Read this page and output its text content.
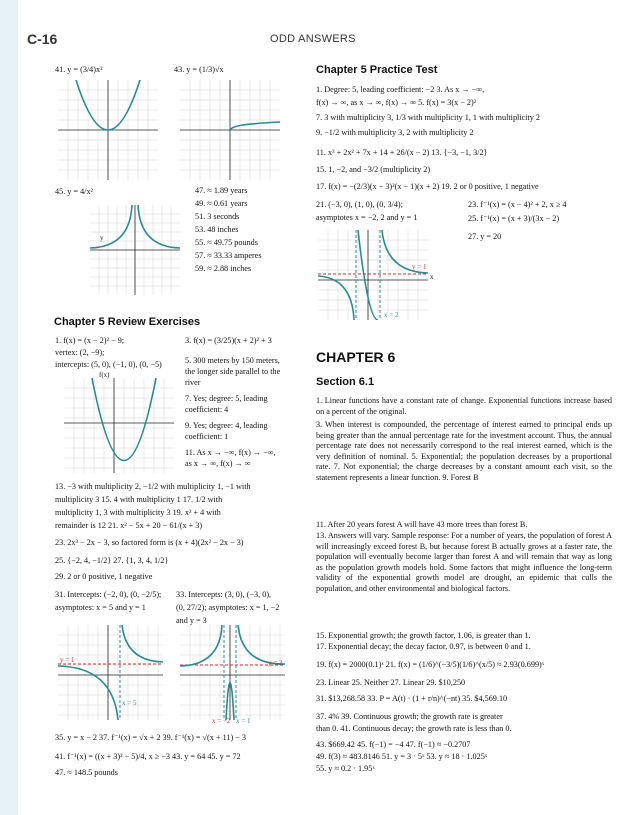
C-16	ODD ANSWERS
41. y = (3/4)x²	43. y = (1/3)√x
45. y = 4/x²	47. ≈ 1.89 years
49. ≈ 0.61 years
51. 3 seconds
53. 48 inches
55. ≈ 49.75 pounds
57. ≈ 33.33 amperes
59. ≈ 2.88 inches
Chapter 5 Review Exercises
1. f(x) = (x − 2)² − 9;
vertex: (2, −9);
intercepts: (5, 0), (−1, 0), (0, −5)
3. f(x) = (3/25)(x + 2)² + 3
5. 300 meters by 150 meters,
the longer side parallel to the
river
7. Yes; degree: 5, leading
coefficient: 4
9. Yes; degree: 4, leading
coefficient: 1
11. As x → −∞, f(x) → −∞,
as x → ∞, f(x) → ∞
13. −3 with multiplicity 2, −1/2 with multiplicity 1, −1 with
multiplicity 3 15. 4 with multiplicity 1 17. 1/2 with
multiplicity 1, 3 with multiplicity 3 19. x² + 4 with
remainder is 12 21. x² − 5x + 20 − 61/(x + 3)
23. 2x³ − 2x − 3, so factored form is (x + 4)(2x² − 2x − 3)
25. {−2, 4, −1/2} 27. {1, 3, 4, 1/2}
29. 2 or 0 positive, 1 negative
31. Intercepts: (−2, 0), (0, −2/5);
asymptotes: x = 5 and y = 1
33. Intercepts: (3, 0), (−3, 0),
(0, 27/2); asymptotes: x = 1, −2
and y = 3
35. y = x − 2 37. f⁻¹(x) = √x + 2 39. f⁻¹(x) = √(x + 11) − 3
41. f⁻¹(x) = ((x + 3)² − 5)/4, x ≥ −3 43. y = 64 45. y = 72
47. ≈ 148.5 pounds
Chapter 5 Practice Test
1. Degree: 5, leading coefficient: −2 3. As x → −∞,
f(x) → ∞, as x → ∞, f(x) → ∞ 5. f(x) = 3(x − 2)²
7. 3 with multiplicity 3, 1/3 with multiplicity 1, 1 with multiplicity 2
9. −1/2 with multiplicity 3, 2 with multiplicity 2
11. x³ + 2x² + 7x + 14 + 26/(x − 2) 13. {−3, −1, 3/2}
15. 1, −2, and −3/2 (multiplicity 2)
17. f(x) = −(2/3)(x − 3)²(x − 1)(x + 2) 19. 2 or 0 positive, 1 negative
21. (−3, 0), (1, 0), (0, 3/4);
asymptotes x = −2, 2 and y = 1
23. f⁻¹(x) = (x − 4)² + 2, x ≥ 4
25. f⁻¹(x) = (x + 3)/(3x − 2)
27. y = 20
CHAPTER 6
Section 6.1
1. Linear functions have a constant rate of change. Exponential functions increase based on a percent of the original.
3. When interest is compounded, the percentage of interest earned to principal ends up being greater than the annual percentage rate for the investment account. Thus, the annual percentage rate does not necessarily correspond to the real interest earned, which is the very definition of nominal. 5. Exponential; the population decreases by a proportional rate. 7. Not exponential; the charge decreases by a constant amount each visit, so the statement represents a linear function. 9. Forest B
11. After 20 years forest A will have 43 more trees than forest B.
13. Answers will vary. Sample response: For a number of years, the population of forest A will increasingly exceed forest B, but because forest B actually grows at a faster rate, the population will eventually become larger than forest A and will remain that way as long as the population growth models hold. Some factors that might influence the long-term validity of the exponential growth model are drought, an epidemic that culls the population, and other environmental and biological factors.
15. Exponential growth; the growth factor, 1.06, is greater than 1.
17. Exponential decay; the decay factor, 0.97, is between 0 and 1.
19. f(x) = 2000(0.1)ˣ 21. f(x) = (1/6)^(−3/5)(1/6)^(x/5) ≈ 2.93(0.699)ˣ
23. Linear 25. Neither 27. Linear 29. $10,250
31. $13,268.58 33. P = A(t) · (1 + r/n)^(−nt) 35. $4,569.10
37. 4% 39. Continuous growth; the growth rate is greater
than 0. 41. Continuous decay; the growth rate is less than 0.
43. $669.42 45. f(−1) = −4 47. f(−1) ≈ −0.2707
49. f(3) ≈ 483.8146 51. y = 3 · 5ˣ 53. y ≈ 18 · 1.025ˣ
55. y ≈ 0.2 · 1.95ˣ
y
f(x)
y = 1
x = 5
y = 3
x = −2 x = 1
y = 1
x = 2
x
